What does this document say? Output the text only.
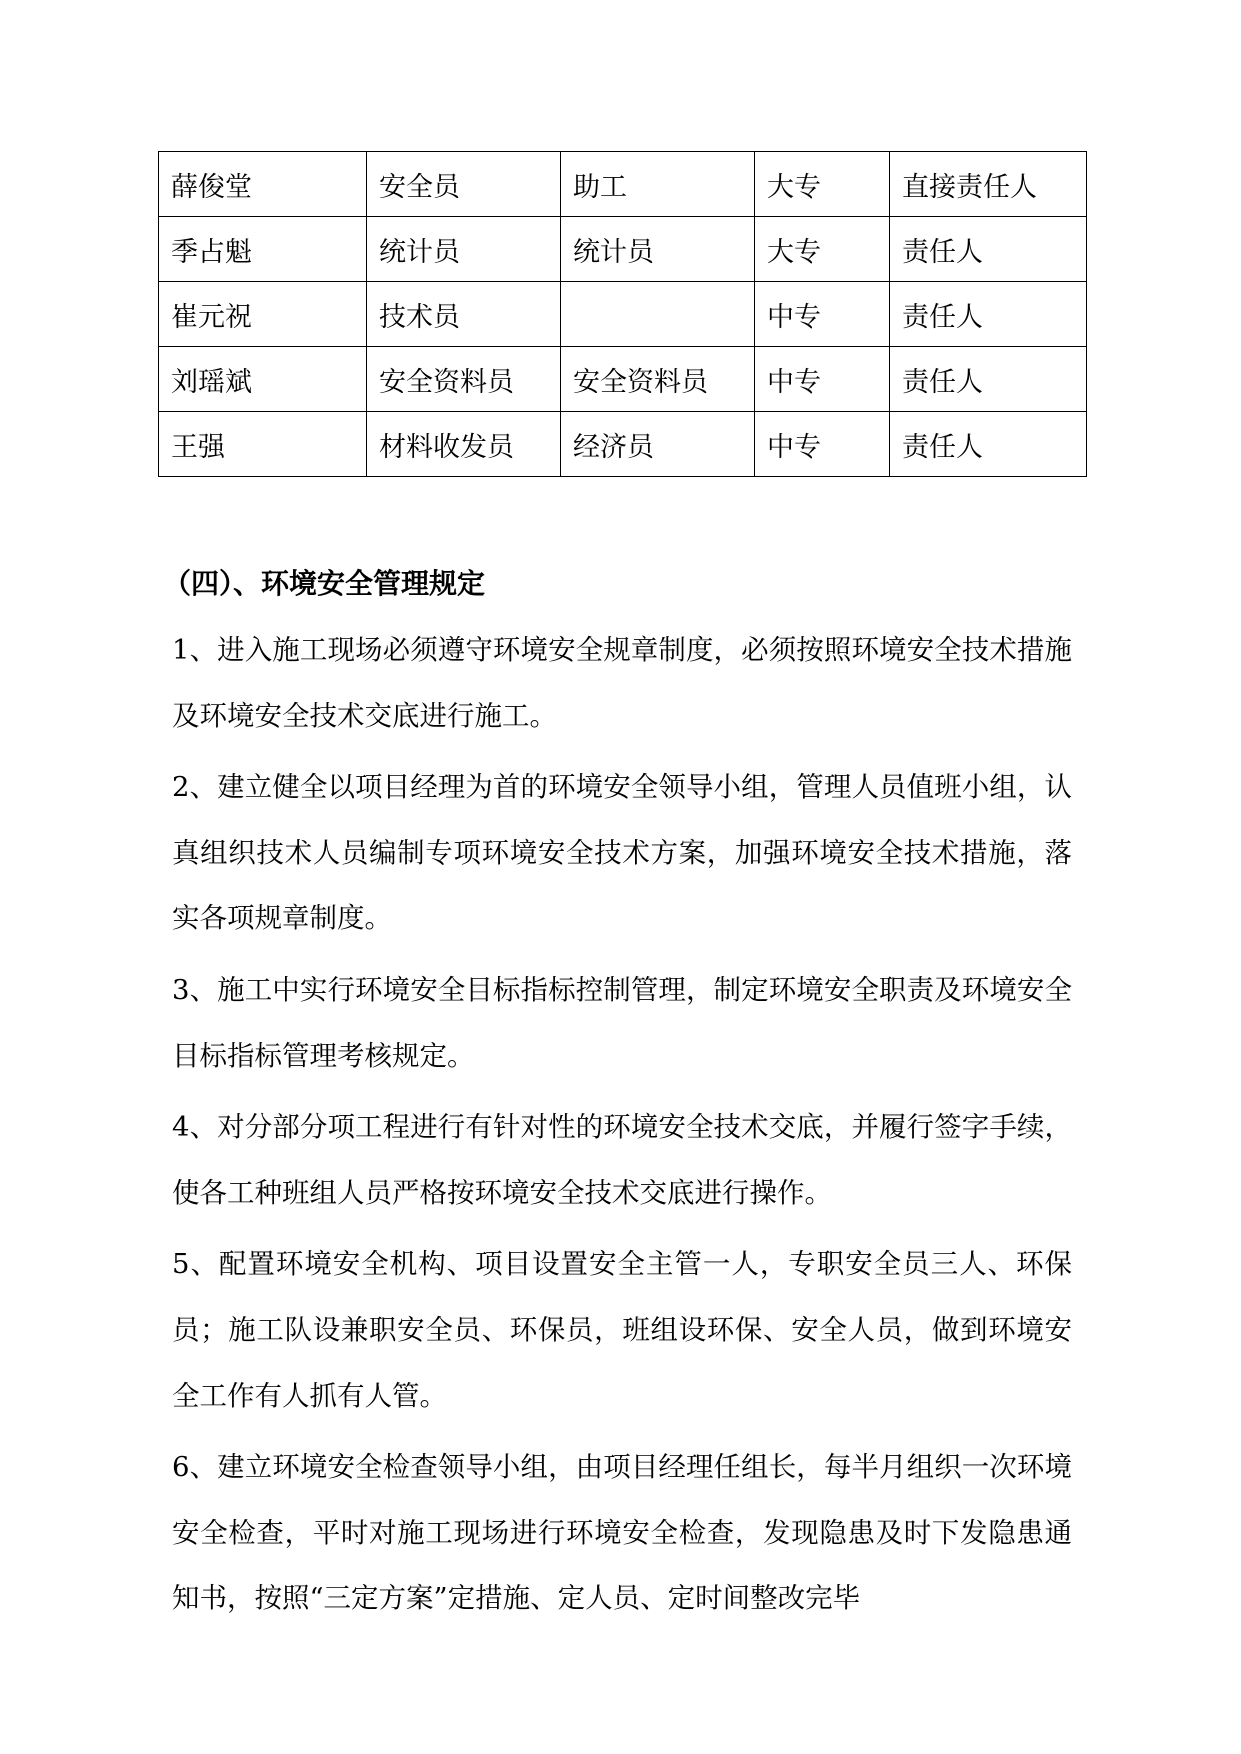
薛俊堂	安全员	助工	大专	直接责任人
季占魁	统计员	统计员	大专	责任人
崔元祝	技术员		中专	责任人
刘瑶斌	安全资料员	安全资料员	中专	责任人
王强	材料收发员	经济员	中专	责任人
（四）、环境安全管理规定

1、进入施工现场必须遵守环境安全规章制度，必须按照环境安全技术措施及环境安全技术交底进行施工。

2、建立健全以项目经理为首的环境安全领导小组，管理人员值班小组，认真组织技术人员编制专项环境安全技术方案，加强环境安全技术措施，落实各项规章制度。

3、施工中实行环境安全目标指标控制管理，制定环境安全职责及环境安全目标指标管理考核规定。

4、对分部分项工程进行有针对性的环境安全技术交底，并履行签字手续，使各工种班组人员严格按环境安全技术交底进行操作。

5、配置环境安全机构、项目设置安全主管一人，专职安全员三人、环保员；施工队设兼职安全员、环保员，班组设环保、安全人员，做到环境安全工作有人抓有人管。

6、建立环境安全检查领导小组，由项目经理任组长，每半月组织一次环境安全检查，平时对施工现场进行环境安全检查，发现隐患及时下发隐患通知书，按照“三定方案”定措施、定人员、定时间整改完毕
